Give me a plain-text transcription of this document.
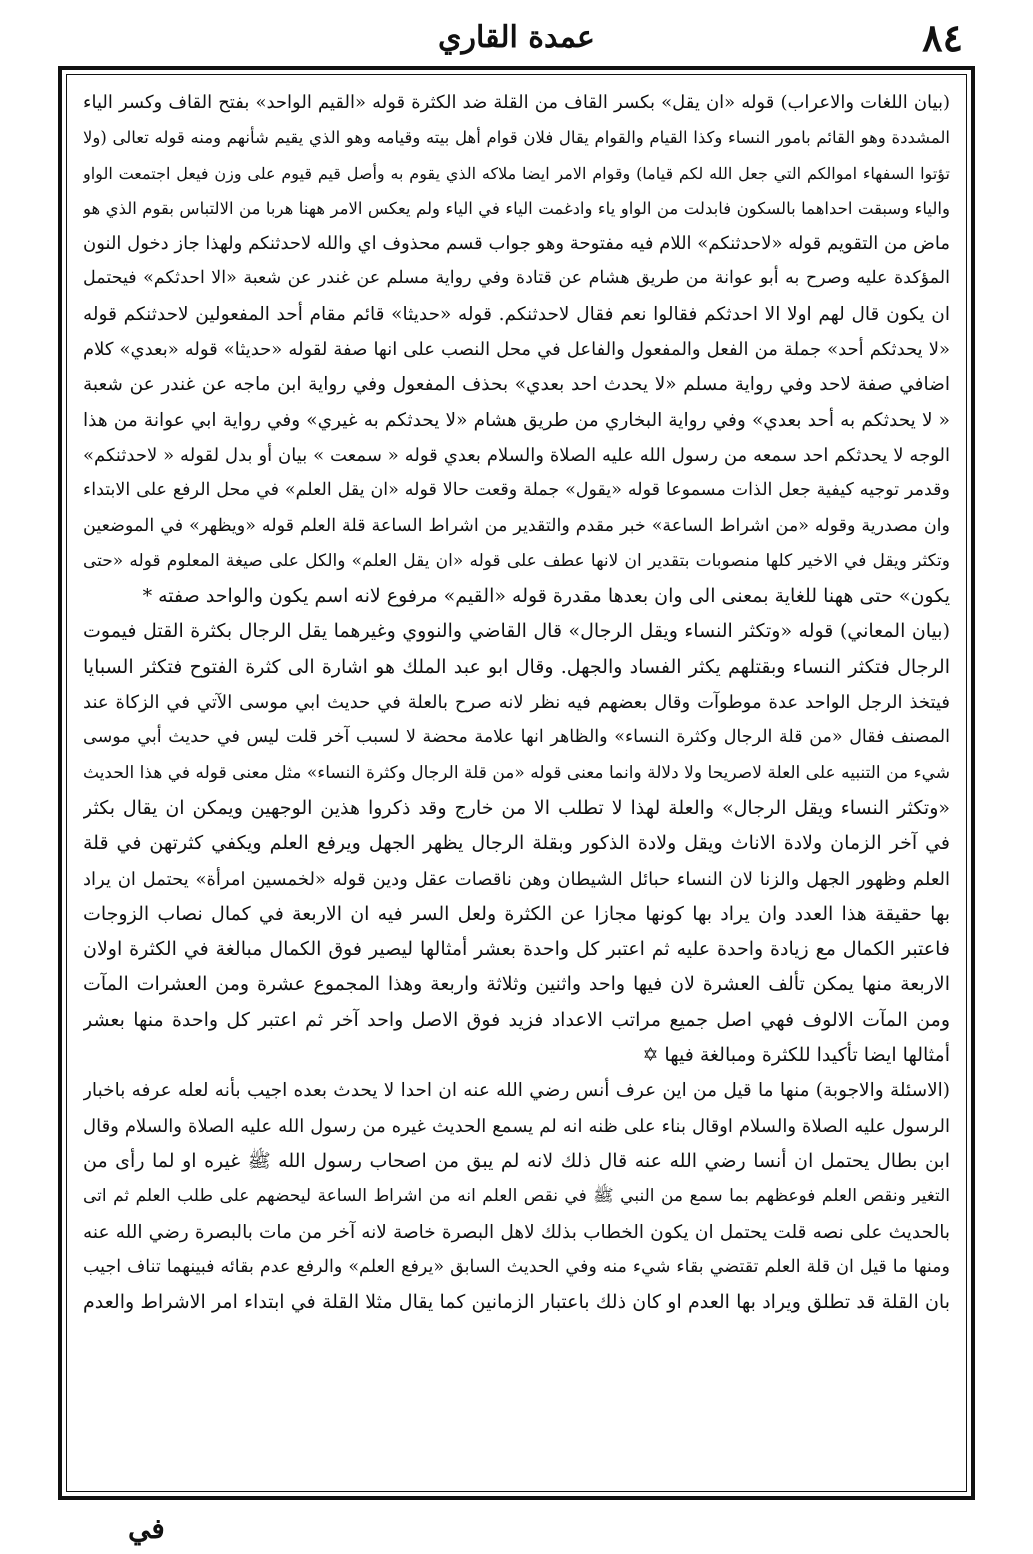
٨٤
عمدة القاري
(بيان اللغات والاعراب) قوله «ان يقل» بكسر القاف من القلة ضد الكثرة قوله «القيم الواحد» بفتح القاف وكسر الياء
المشددة وهو القائم بامور النساء وكذا القيام والقوام يقال فلان قوام أهل بيته وقيامه وهو الذي يقيم شأنهم ومنه قوله تعالى (ولا
تؤتوا السفهاء اموالكم التي جعل الله لكم قياما) وقوام الامر ايضا ملاكه الذي يقوم به وأصل قيم قيوم على وزن فيعل اجتمعت الواو
والياء وسبقت احداهما بالسكون فابدلت من الواو ياء وادغمت الياء في الياء ولم يعكس الامر ههنا هربا من الالتباس بقوم الذي هو
ماض من التقويم قوله «لاحدثنكم» اللام فيه مفتوحة وهو جواب قسم محذوف اي والله لاحدثنكم ولهذا جاز دخول النون
المؤكدة عليه وصرح به أبو عوانة من طريق هشام عن قتادة وفي رواية مسلم عن غندر عن شعبة «الا احدثكم» فيحتمل
ان يكون قال لهم اولا الا احدثكم فقالوا نعم فقال لاحدثنكم. قوله «حديثا» قائم مقام أحد المفعولين لاحدثنكم قوله
«لا يحدثكم أحد» جملة من الفعل والمفعول والفاعل في محل النصب على انها صفة لقوله «حديثا» قوله «بعدي» كلام
اضافي صفة لاحد وفي رواية مسلم «لا يحدث احد بعدي» بحذف المفعول وفي رواية ابن ماجه عن غندر عن شعبة
« لا يحدثكم به أحد بعدي» وفي رواية البخاري من طريق هشام «لا يحدثكم به غيري» وفي رواية ابي عوانة من هذا
الوجه لا يحدثكم احد سمعه من رسول الله عليه الصلاة والسلام بعدي قوله « سمعت » بيان أو بدل لقوله « لاحدثنكم»
وقدمر توجيه كيفية جعل الذات مسموعا قوله «يقول» جملة وقعت حالا قوله «ان يقل العلم» في محل الرفع على الابتداء
وان مصدرية وقوله «من اشراط الساعة» خبر مقدم والتقدير من اشراط الساعة قلة العلم قوله «ويظهر» في الموضعين
وتكثر ويقل في الاخير كلها منصوبات بتقدير ان لانها عطف على قوله «ان يقل العلم» والكل على صيغة المعلوم قوله «حتى
يكون» حتى ههنا للغاية بمعنى الى وان بعدها مقدرة قوله «القيم» مرفوع لانه اسم يكون والواحد صفته *
(بيان المعاني) قوله «وتكثر النساء ويقل الرجال» قال القاضي والنووي وغيرهما يقل الرجال بكثرة القتل فيموت
الرجال فتكثر النساء وبقتلهم يكثر الفساد والجهل. وقال ابو عبد الملك هو اشارة الى كثرة الفتوح فتكثر السبايا
فيتخذ الرجل الواحد عدة موطوآت وقال بعضهم فيه نظر لانه صرح بالعلة في حديث ابي موسى الآتي في الزكاة عند
المصنف فقال «من قلة الرجال وكثرة النساء» والظاهر انها علامة محضة لا لسبب آخر قلت ليس في حديث أبي موسى
شيء من التنبيه على العلة لاصريحا ولا دلالة وانما معنى قوله «من قلة الرجال وكثرة النساء» مثل معنى قوله في هذا الحديث
«وتكثر النساء ويقل الرجال» والعلة لهذا لا تطلب الا من خارج وقد ذكروا هذين الوجهين ويمكن ان يقال بكثر
في آخر الزمان ولادة الاناث ويقل ولادة الذكور وبقلة الرجال يظهر الجهل ويرفع العلم ويكفي كثرتهن في قلة
العلم وظهور الجهل والزنا لان النساء حبائل الشيطان وهن ناقصات عقل ودين قوله «لخمسين امرأة» يحتمل ان يراد
بها حقيقة هذا العدد وان يراد بها كونها مجازا عن الكثرة ولعل السر فيه ان الاربعة في كمال نصاب الزوجات
فاعتبر الكمال مع زيادة واحدة عليه ثم اعتبر كل واحدة بعشر أمثالها ليصير فوق الكمال مبالغة في الكثرة اولان
الاربعة منها يمكن تألف العشرة لان فيها واحد واثنين وثلاثة واربعة وهذا المجموع عشرة ومن العشرات المآت
ومن المآت الالوف فهي اصل جميع مراتب الاعداد فزيد فوق الاصل واحد آخر ثم اعتبر كل واحدة منها بعشر
أمثالها ايضا تأكيدا للكثرة ومبالغة فيها ✡
(الاسئلة والاجوبة) منها ما قيل من اين عرف أنس رضي الله عنه ان احدا لا يحدث بعده اجيب بأنه لعله عرفه باخبار
الرسول عليه الصلاة والسلام اوقال بناء على ظنه انه لم يسمع الحديث غيره من رسول الله عليه الصلاة والسلام وقال
ابن بطال يحتمل ان أنسا رضي الله عنه قال ذلك لانه لم يبق من اصحاب رسول الله ﷺ غيره او لما رأى من
التغير ونقص العلم فوعظهم بما سمع من النبي ﷺ في نقص العلم انه من اشراط الساعة ليحضهم على طلب العلم ثم اتى
بالحديث على نصه قلت يحتمل ان يكون الخطاب بذلك لاهل البصرة خاصة لانه آخر من مات بالبصرة رضي الله عنه
ومنها ما قيل ان قلة العلم تقتضي بقاء شيء منه وفي الحديث السابق «يرفع العلم» والرفع عدم بقائه فبينهما تناف اجيب
بان القلة قد تطلق ويراد بها العدم او كان ذلك باعتبار الزمانين كما يقال مثلا القلة في ابتداء امر الاشراط والعدم
في
